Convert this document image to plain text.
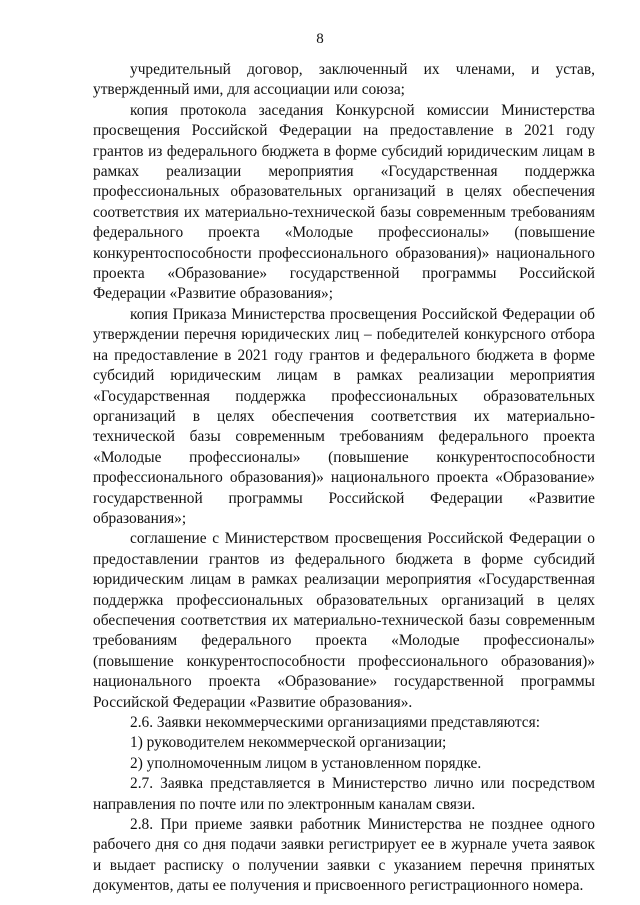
8

учредительный договор, заключенный их членами, и устав, утвержденный ими, для ассоциации или союза;

копия протокола заседания Конкурсной комиссии Министерства просвещения Российской Федерации на предоставление в 2021 году грантов из федерального бюджета в форме субсидий юридическим лицам в рамках реализации мероприятия «Государственная поддержка профессиональных образовательных организаций в целях обеспечения соответствия их материально-технической базы современным требованиям федерального проекта «Молодые профессионалы» (повышение конкурентоспособности профессионального образования)» национального проекта «Образование» государственной программы Российской Федерации «Развитие образования»;

копия Приказа Министерства просвещения Российской Федерации об утверждении перечня юридических лиц – победителей конкурсного отбора на предоставление в 2021 году грантов и федерального бюджета в форме субсидий юридическим лицам в рамках реализации мероприятия «Государственная поддержка профессиональных образовательных организаций в целях обеспечения соответствия их материально-технической базы современным требованиям федерального проекта «Молодые профессионалы» (повышение конкурентоспособности профессионального образования)» национального проекта «Образование» государственной программы Российской Федерации «Развитие образования»;

соглашение с Министерством просвещения Российской Федерации о предоставлении грантов из федерального бюджета в форме субсидий юридическим лицам в рамках реализации мероприятия «Государственная поддержка профессиональных образовательных организаций в целях обеспечения соответствия их материально-технической базы современным требованиям федерального проекта «Молодые профессионалы» (повышение конкурентоспособности профессионального образования)» национального проекта «Образование» государственной программы Российской Федерации «Развитие образования».

2.6. Заявки некоммерческими организациями представляются:

1) руководителем некоммерческой организации;

2) уполномоченным лицом в установленном порядке.

2.7. Заявка представляется в Министерство лично или посредством направления по почте или по электронным каналам связи.

2.8. При приеме заявки работник Министерства не позднее одного рабочего дня со дня подачи заявки регистрирует ее в журнале учета заявок и выдает расписку о получении заявки с указанием перечня принятых документов, даты ее получения и присвоенного регистрационного номера.
